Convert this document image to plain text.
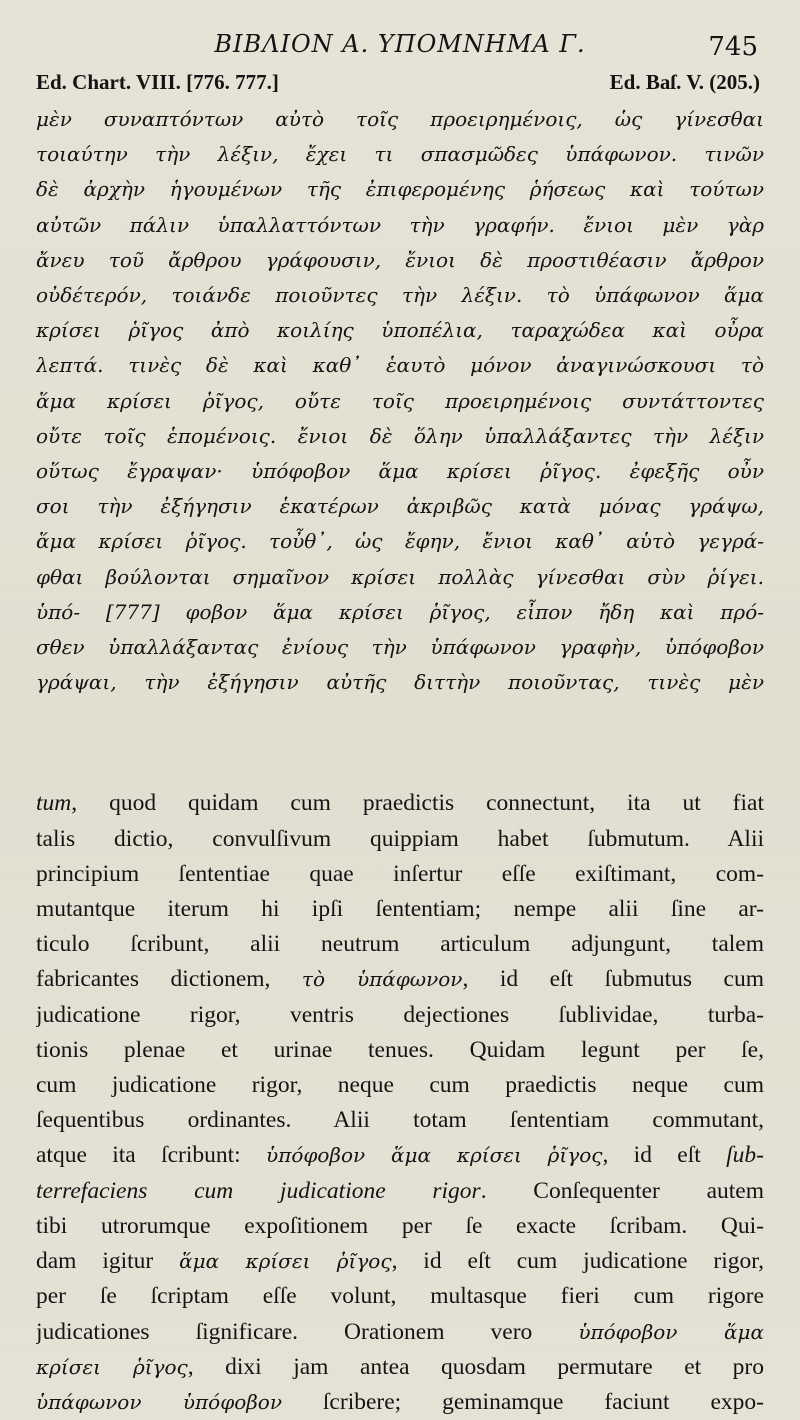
ΒΙΒΛΙΟΝ Α. ΥΠΟΜΝΗΜΑ Γ.	745
Ed. Chart. VIII. [776. 777.]	Ed. Baſ. V. (205.)
μὲν συναπτόντων αὐτὸ τοῖς προειρημένοις, ὡς γίνεσθαι
τοιαύτην τὴν λέξιν, ἔχει τι σπασμῶδες ὑπάφωνον. τινῶν
δὲ ἀρχὴν ἡγουμένων τῆς ἐπιφερομένης ῥήσεως καὶ τούτων
αὐτῶν πάλιν ὑπαλλαττόντων τὴν γραφήν. ἔνιοι μὲν γὰρ
ἄνευ τοῦ ἄρθρου γράφουσιν, ἔνιοι δὲ προστιθέασιν ἄρθρον
οὐδέτερόν, τοιάνδε ποιοῦντες τὴν λέξιν. τὸ ὑπάφωνον ἅμα
κρίσει ῥῖγος ἀπὸ κοιλίης ὑποπέλια, ταραχώδεα καὶ οὖρα
λεπτά. τινὲς δὲ καὶ καθ᾽ ἑαυτὸ μόνον ἀναγινώσκουσι τὸ
ἅμα κρίσει ῥῖγος, οὔτε τοῖς προειρημένοις συντάττοντες
οὔτε τοῖς ἑπομένοις. ἔνιοι δὲ ὅλην ὑπαλλάξαντες τὴν λέξιν
οὕτως ἔγραψαν· ὑπόφοβον ἅμα κρίσει ῥῖγος. ἐφεξῆς οὖν
σοι τὴν ἐξήγησιν ἑκατέρων ἀκριβῶς κατὰ μόνας γράψω,
ἅμα κρίσει ῥῖγος. τοὖθ᾽, ὡς ἔφην, ἔνιοι καθ᾽ αὑτὸ γεγρά-
φθαι βούλονται σημαῖνον κρίσει πολλὰς γίνεσθαι σὺν ῥίγει.
ὑπό- [777] φοβον ἅμα κρίσει ῥῖγος, εἶπον ἤδη καὶ πρό-
σθεν ὑπαλλάξαντας ἐνίους τὴν ὑπάφωνον γραφὴν, ὑπόφοβον
γράψαι, τὴν ἐξήγησιν αὐτῆς διττὴν ποιοῦντας, τινὲς μὲν
tum, quod quidam cum praedictis connectunt, ita ut fiat
talis dictio, convulſivum quippiam habet ſubmutum. Alii
principium ſententiae quae inſertur eſſe exiſtimant, com-
mutantque iterum hi ipſi ſententiam; nempe alii ſine ar-
ticulo ſcribunt, alii neutrum articulum adjungunt, talem
fabricantes dictionem, τὸ ὑπάφωνον, id eſt ſubmutus cum
judicatione rigor, ventris dejectiones ſublividae, turba-
tionis plenae et urinae tenues. Quidam legunt per ſe,
cum judicatione rigor, neque cum praedictis neque cum
ſequentibus ordinantes. Alii totam ſententiam commutant,
atque ita ſcribunt: ὑπόφοβον ἅμα κρίσει ῥῖγος, id eſt ſub-
terrefaciens cum judicatione rigor. Conſequenter autem
tibi utrorumque expoſitionem per ſe exacte ſcribam. Qui-
dam igitur ἅμα κρίσει ῥῖγος, id eſt cum judicatione rigor,
per ſe ſcriptam eſſe volunt, multasque fieri cum rigore
judicationes ſignificare. Orationem vero ὑπόφοβον ἅμα
κρίσει ῥῖγος, dixi jam antea quosdam permutare et pro
ὑπάφωνον ὑπόφοβον ſcribere; geminamque faciunt expo-
